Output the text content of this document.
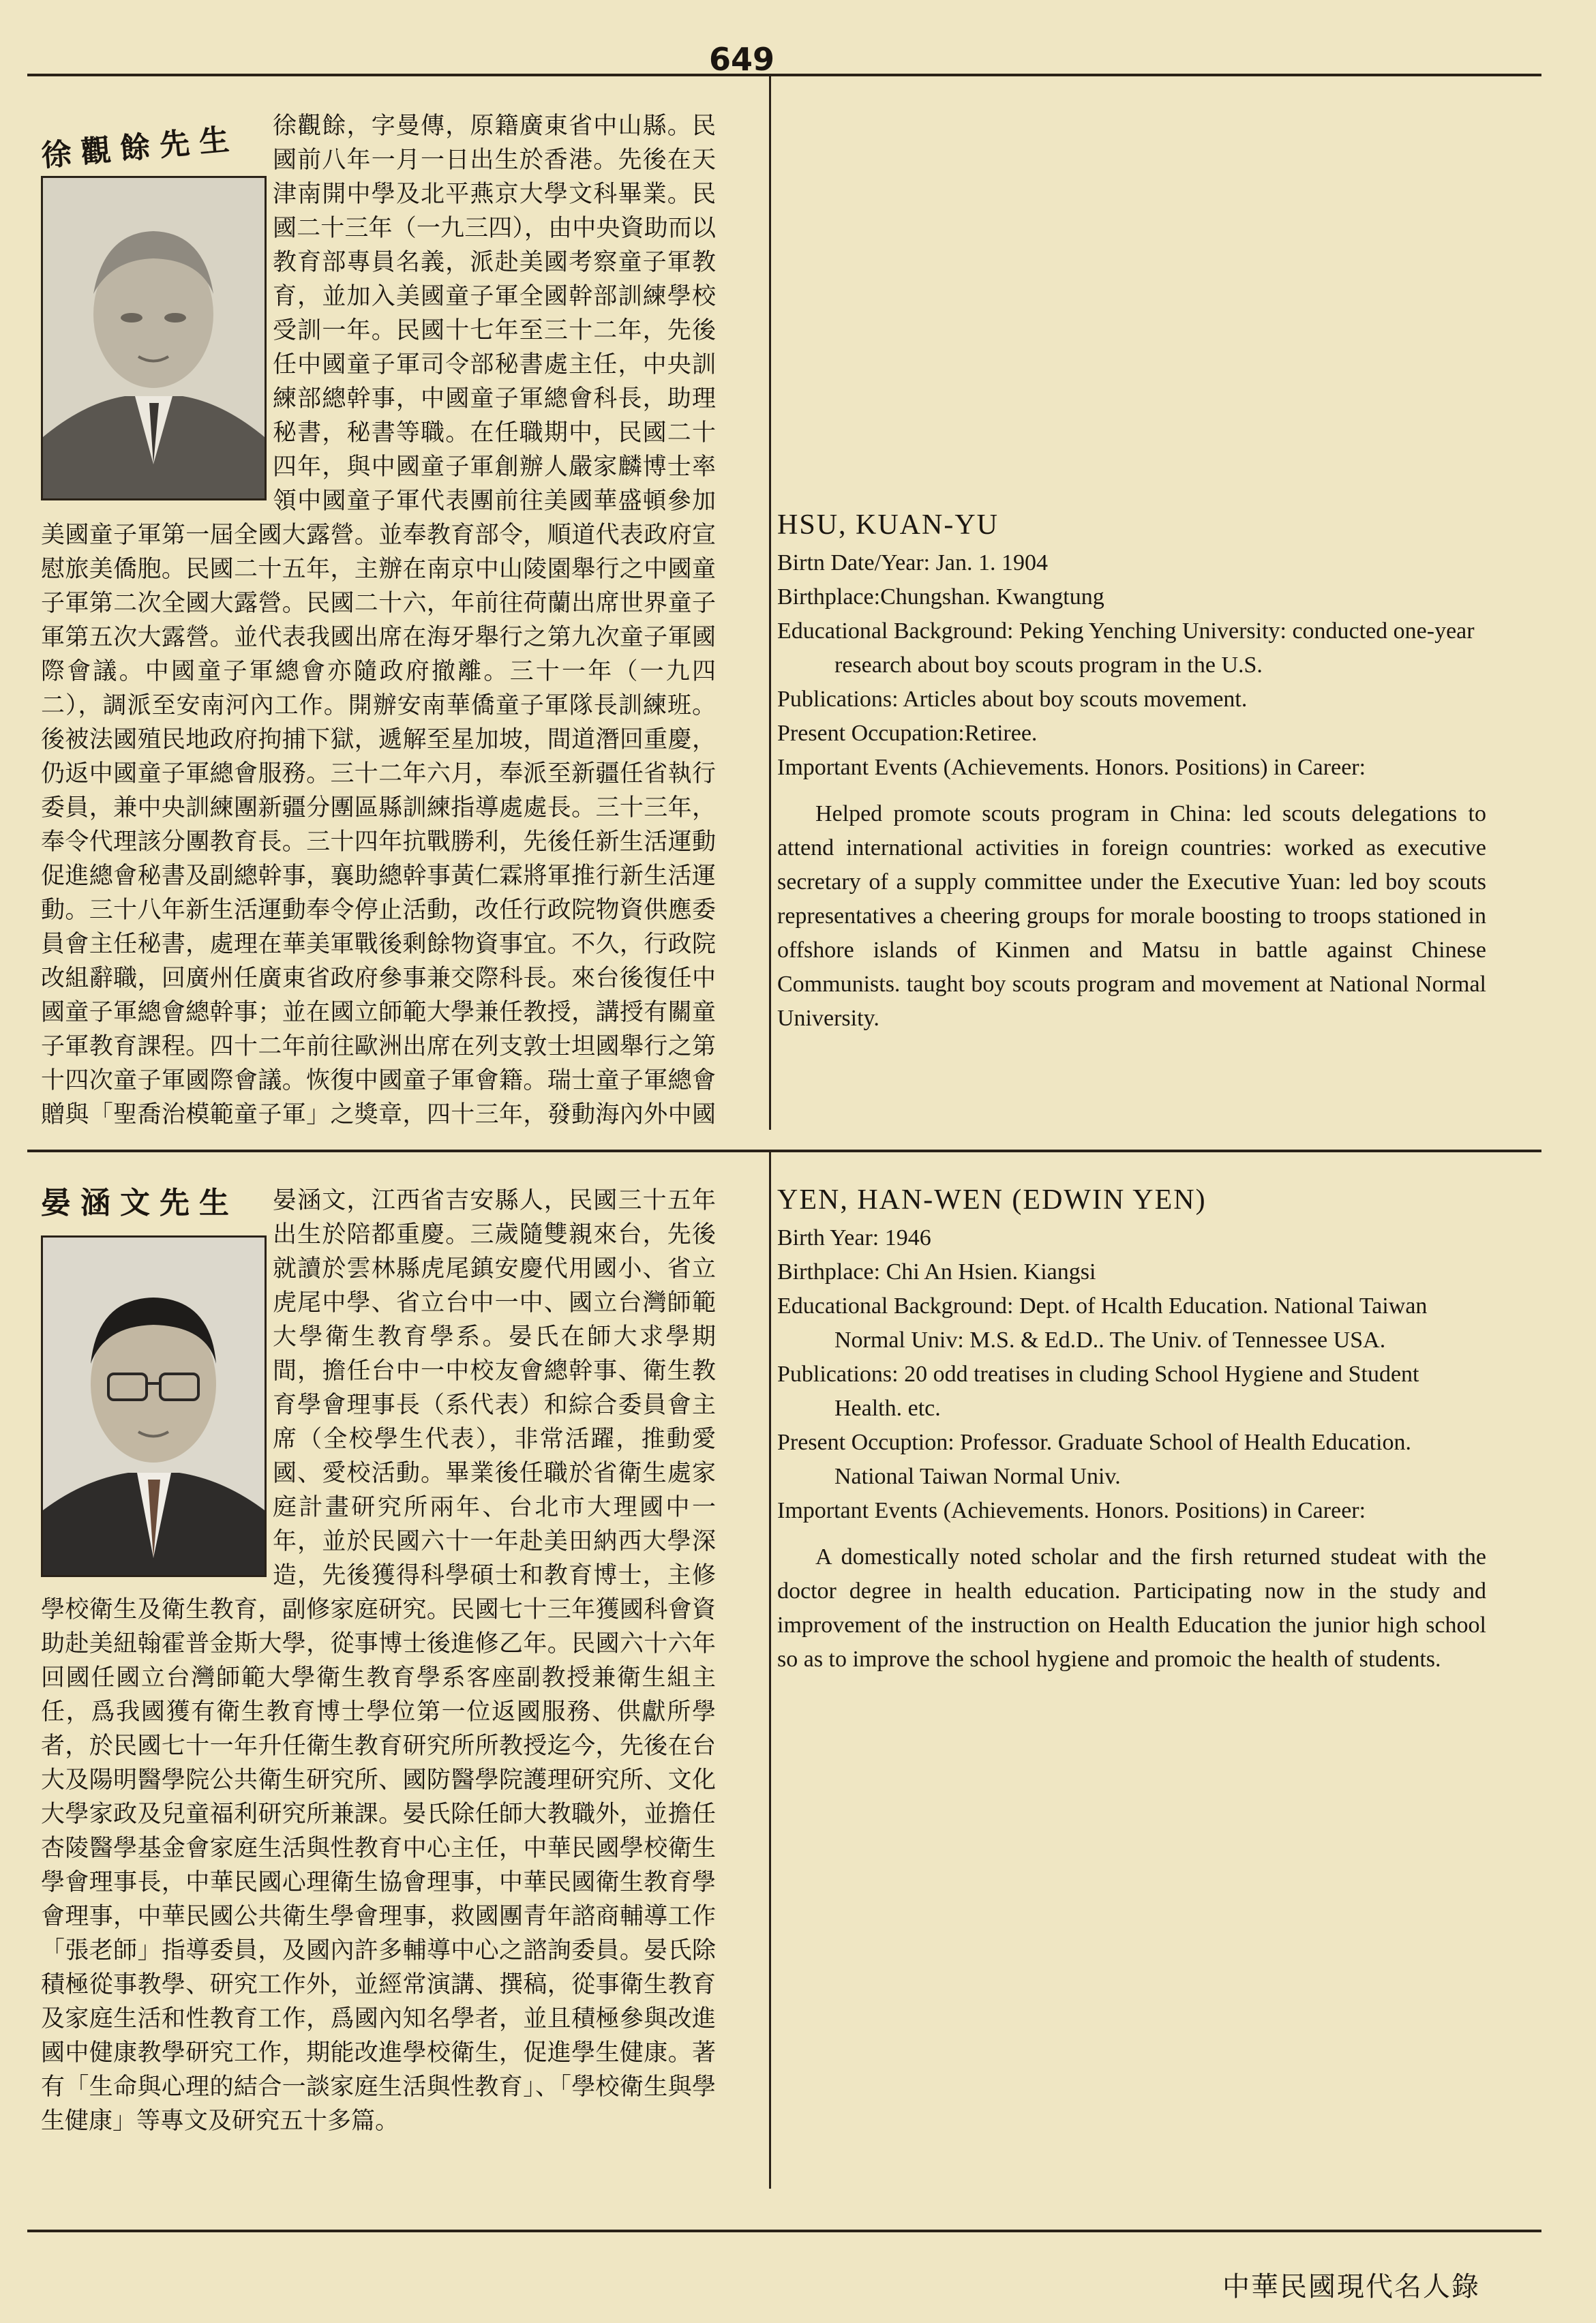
649
徐觀餘先生	徐觀餘，字曼傳，原籍廣東省中山縣。民國前八年一月一日出生於香港。先後在天津南開中學及北平燕京大學文科畢業。民國二十三年（一九三四），由中央資助而以教育部專員名義，派赴美國考察童子軍教育，並加入美國童子軍全國幹部訓練學校受訓一年。民國十七年至三十二年，先後任中國童子軍司令部秘書處主任，中央訓練部總幹事，中國童子軍總會科長，助理秘書，秘書等職。在任職期中，民國二十四年，與中國童子軍創辦人嚴家麟博士率領中國童子軍代表團前往美國華盛頓參加美國童子軍第一屆全國大露營。並奉教育部令，順道代表政府宣慰旅美僑胞。民國二十五年，主辦在南京中山陵園舉行之中國童子軍第二次全國大露營。民國二十六，年前往荷蘭出席世界童子軍第五次大露營。並代表我國出席在海牙舉行之第九次童子軍國際會議。中國童子軍總會亦隨政府撤離。三十一年（一九四二），調派至安南河內工作。開辦安南華僑童子軍隊長訓練班。後被法國殖民地政府拘捕下獄，遞解至星加坡，間道潛回重慶，仍返中國童子軍總會服務。三十二年六月，奉派至新疆任省執行委員，兼中央訓練團新疆分團區縣訓練指導處處長。三十三年，奉令代理該分團教育長。三十四年抗戰勝利，先後任新生活運動促進總會秘書及副總幹事，襄助總幹事黃仁霖將軍推行新生活運動。三十八年新生活運動奉令停止活動，改任行政院物資供應委員會主任秘書，處理在華美軍戰後剩餘物資事宜。不久，行政院改組辭職，回廣州任廣東省政府參事兼交際科長。來台後復任中國童子軍總會總幹事；並在國立師範大學兼任教授，講授有關童子軍教育課程。四十二年前往歐洲出席在列支敦士坦國舉行之第十四次童子軍國際會議。恢復中國童子軍會籍。瑞士童子軍總會贈與「聖喬治模範童子軍」之獎章，四十三年，發動海內外中國
HSU, KUAN-YU

Birtn Date/Year: Jan. 1. 1904

Birthplace:Chungshan. Kwangtung

Educational Background: Peking Yenching University: conducted one-year research about boy scouts program in the U.S.

Publications: Articles about boy scouts movement.

Present Occupation:Retiree.

Important Events (Achievements. Honors. Positions) in Career:

Helped promote scouts program in China: led scouts delegations to attend international activities in foreign countries: worked as executive secretary of a supply committee under the Executive Yuan: led boy scouts representatives a cheering groups for morale boosting to troops stationed in offshore islands of Kinmen and Matsu in battle against Chinese Communists. taught boy scouts program and movement at National Normal University.

晏涵文先生	晏涵文，江西省吉安縣人，民國三十五年出生於陪都重慶。三歲隨雙親來台，先後就讀於雲林縣虎尾鎮安慶代用國小、省立虎尾中學、省立台中一中、國立台灣師範大學衛生教育學系。晏氏在師大求學期間，擔任台中一中校友會總幹事、衛生教育學會理事長（系代表）和綜合委員會主席（全校學生代表），非常活躍，推動愛國、愛校活動。畢業後任職於省衛生處家庭計畫研究所兩年、台北市大理國中一年，並於民國六十一年赴美田納西大學深造，先後獲得科學碩士和教育博士，主修學校衛生及衛生教育，副修家庭研究。民國七十三年獲國科會資助赴美紐翰霍普金斯大學，從事博士後進修乙年。民國六十六年回國任國立台灣師範大學衛生教育學系客座副教授兼衛生組主任，爲我國獲有衛生教育博士學位第一位返國服務、供獻所學者，於民國七十一年升任衛生教育研究所所教授迄今，先後在台大及陽明醫學院公共衛生研究所、國防醫學院護理研究所、文化大學家政及兒童福利研究所兼課。晏氏除任師大教職外，並擔任杏陵醫學基金會家庭生活與性教育中心主任，中華民國學校衛生學會理事長，中華民國心理衛生協會理事，中華民國衛生教育學會理事，中華民國公共衛生學會理事，救國團青年諮商輔導工作「張老師」指導委員，及國內許多輔導中心之諮詢委員。晏氏除積極從事教學、研究工作外，並經常演講、撰稿，從事衛生教育及家庭生活和性教育工作，爲國內知名學者，並且積極參與改進國中健康教學研究工作，期能改進學校衛生，促進學生健康。著有「生命與心理的結合一談家庭生活與性教育」、「學校衛生與學生健康」等專文及研究五十多篇。
YEN, HAN-WEN (EDWIN YEN)

Birth Year: 1946

Birthplace: Chi An Hsien. Kiangsi

Educational Background: Dept. of Hcalth Education. National Taiwan Normal Univ: M.S. & Ed.D.. The Univ. of Tennessee USA.

Publications: 20 odd treatises in cluding School Hygiene and Student Health. etc.

Present Occuption: Professor. Graduate School of Health Education. National Taiwan Normal Univ.

Important Events (Achievements. Honors. Positions) in Career:

A domestically noted scholar and the firsh returned studeat with the doctor degree in health education. Participating now in the study and improvement of the instruction on Health Education the junior high school so as to improve the school hygiene and promoic the health of students.

中華民國現代名人錄
